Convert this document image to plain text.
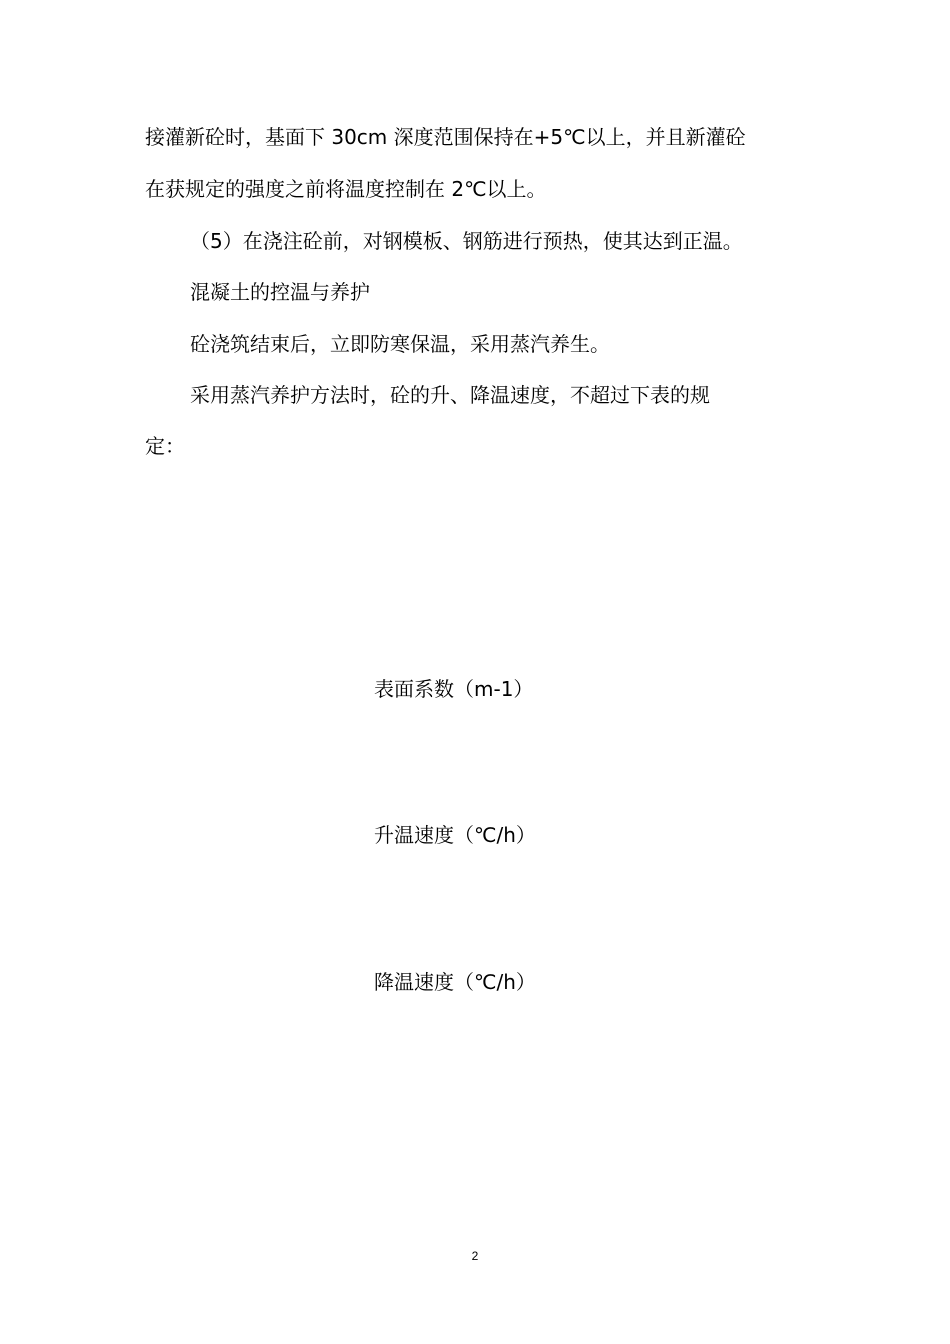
接灌新砼时，基面下 30cm 深度范围保持在+5℃以上，并且新灌砼
在获规定的强度之前将温度控制在 2℃以上。
（5）在浇注砼前，对钢模板、钢筋进行预热，使其达到正温。
混凝土的控温与养护
砼浇筑结束后，立即防寒保温，采用蒸汽养生。
采用蒸汽养护方法时，砼的升、降温速度，不超过下表的规
定：
表面系数（m-1）
升温速度（℃/h）
降温速度（℃/h）
2
